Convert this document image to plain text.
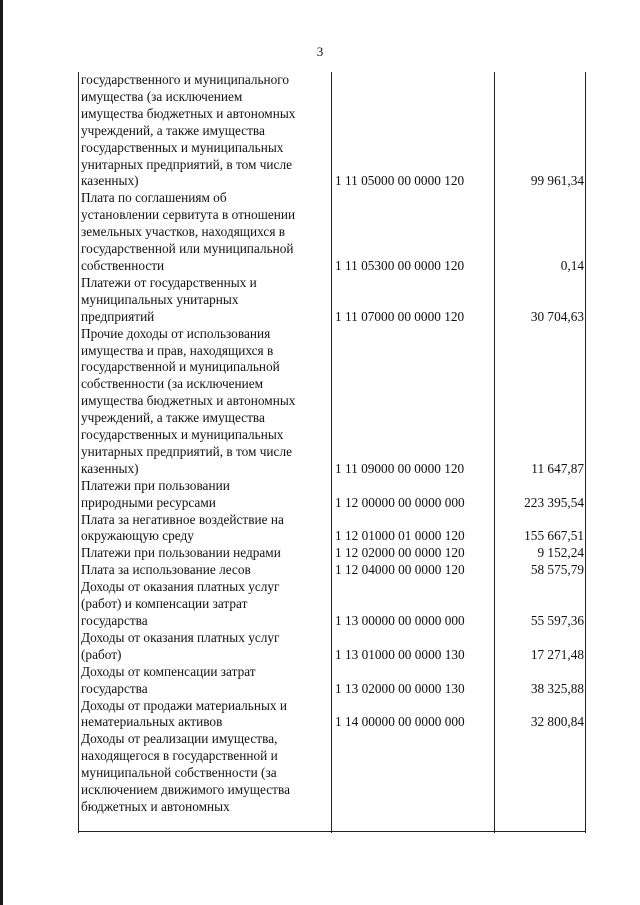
3
государственного и муниципального
имущества (за исключением
имущества бюджетных и автономных
учреждений, а также имущества
государственных и муниципальных
унитарных предприятий, в том числе
казенных)	1 11 05000 00 0000 120	99 961,34
Плата по соглашениям об
установлении сервитута в отношении
земельных участков, находящихся в
государственной или муниципальной
собственности	1 11 05300 00 0000 120	0,14
Платежи от государственных и
муниципальных унитарных
предприятий	1 11 07000 00 0000 120	30 704,63
Прочие доходы от использования
имущества и прав, находящихся в
государственной и муниципальной
собственности (за исключением
имущества бюджетных и автономных
учреждений, а также имущества
государственных и муниципальных
унитарных предприятий, в том числе
казенных)	1 11 09000 00 0000 120	11 647,87
Платежи при пользовании
природными ресурсами	1 12 00000 00 0000 000	223 395,54
Плата за негативное воздействие на
окружающую среду	1 12 01000 01 0000 120	155 667,51
Платежи при пользовании недрами	1 12 02000 00 0000 120	9 152,24
Плата за использование лесов	1 12 04000 00 0000 120	58 575,79
Доходы от оказания платных услуг
(работ) и компенсации затрат
государства	1 13 00000 00 0000 000	55 597,36
Доходы от оказания платных услуг
(работ)	1 13 01000 00 0000 130	17 271,48
Доходы от компенсации затрат
государства	1 13 02000 00 0000 130	38 325,88
Доходы от продажи материальных и
нематериальных активов	1 14 00000 00 0000 000	32 800,84
Доходы от реализации имущества,
находящегося в государственной и
муниципальной собственности (за
исключением движимого имущества
бюджетных и автономных
